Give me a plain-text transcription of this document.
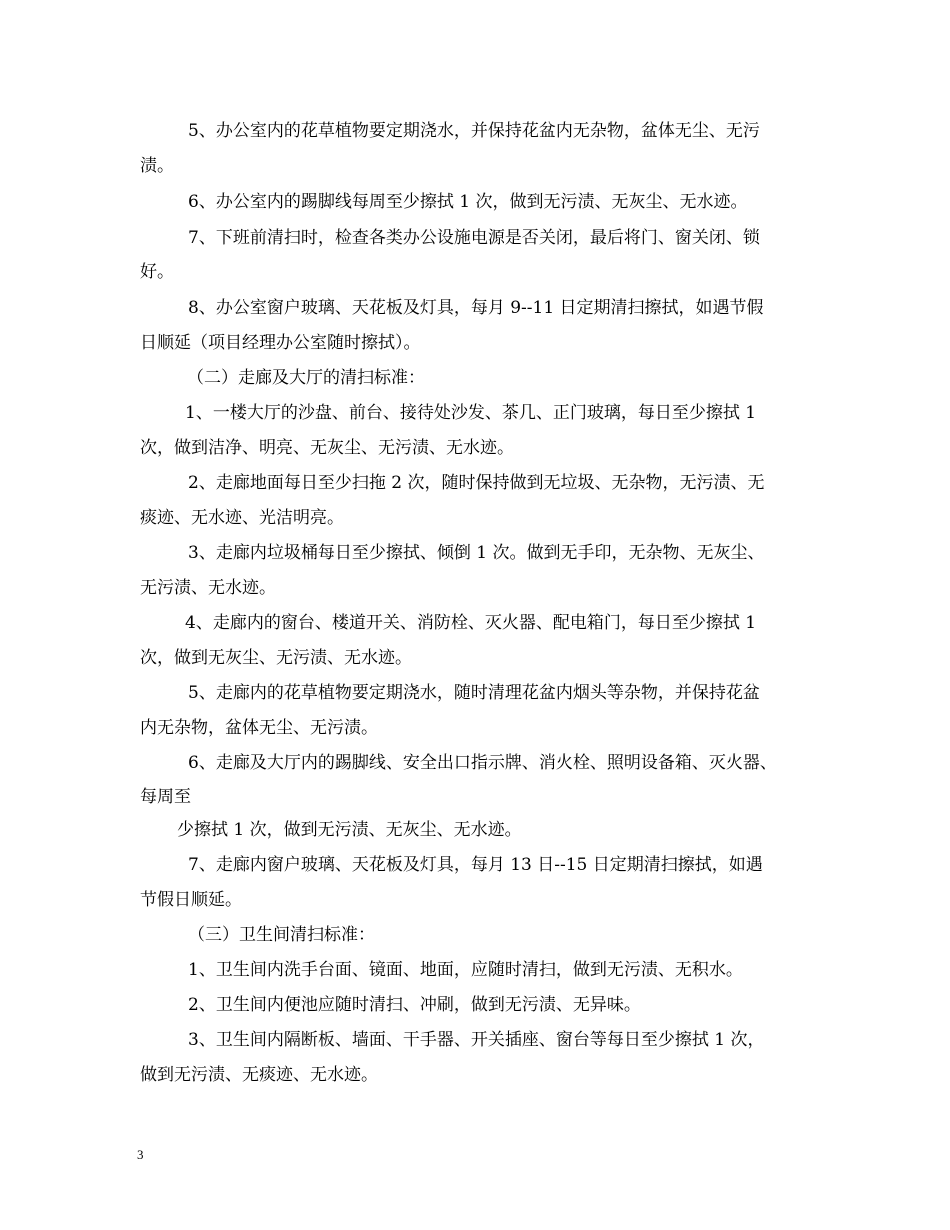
5、办公室内的花草植物要定期浇水，并保持花盆内无杂物，盆体无尘、无污

渍。

6、办公室内的踢脚线每周至少擦拭 1 次，做到无污渍、无灰尘、无水迹。

7、下班前清扫时，检查各类办公设施电源是否关闭，最后将门、窗关闭、锁

好。

8、办公室窗户玻璃、天花板及灯具，每月 9--11 日定期清扫擦拭，如遇节假

日顺延（项目经理办公室随时擦拭）。

（二）走廊及大厅的清扫标准：

1、一楼大厅的沙盘、前台、接待处沙发、茶几、正门玻璃，每日至少擦拭 1

次，做到洁净、明亮、无灰尘、无污渍、无水迹。

2、走廊地面每日至少扫拖 2 次，随时保持做到无垃圾、无杂物，无污渍、无

痰迹、无水迹、光洁明亮。

3、走廊内垃圾桶每日至少擦拭、倾倒 1 次。做到无手印，无杂物、无灰尘、

无污渍、无水迹。

4、走廊内的窗台、楼道开关、消防栓、灭火器、配电箱门，每日至少擦拭 1

次，做到无灰尘、无污渍、无水迹。

5、走廊内的花草植物要定期浇水，随时清理花盆内烟头等杂物，并保持花盆

内无杂物，盆体无尘、无污渍。

6、走廊及大厅内的踢脚线、安全出口指示牌、消火栓、照明设备箱、灭火器、

每周至

少擦拭 1 次，做到无污渍、无灰尘、无水迹。

7、走廊内窗户玻璃、天花板及灯具，每月 13 日--15 日定期清扫擦拭，如遇

节假日顺延。

（三）卫生间清扫标准：

1、卫生间内洗手台面、镜面、地面，应随时清扫，做到无污渍、无积水。

2、卫生间内便池应随时清扫、冲刷，做到无污渍、无异味。

3、卫生间内隔断板、墙面、干手器、开关插座、窗台等每日至少擦拭 1 次，

做到无污渍、无痰迹、无水迹。

3
